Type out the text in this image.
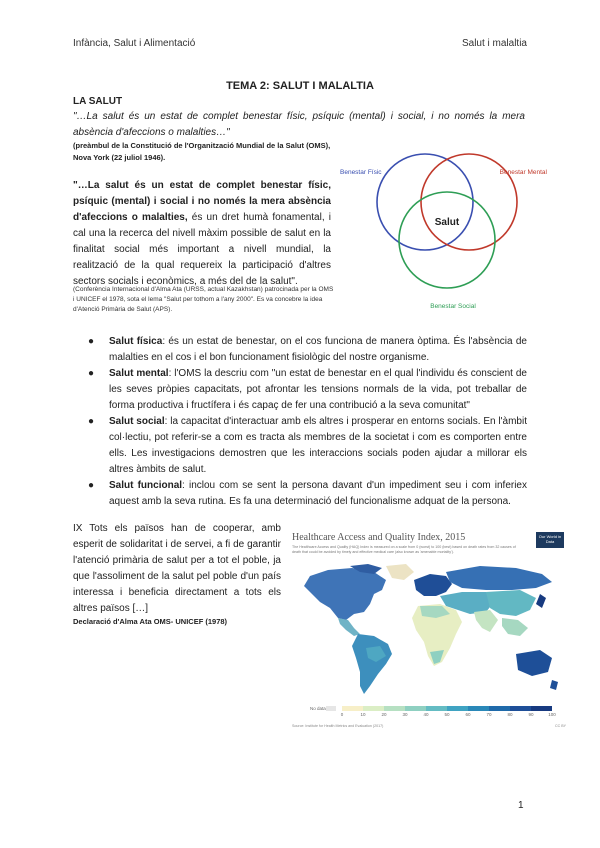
Infància, Salut i Alimentació	Salut i malaltia
TEMA 2: SALUT I MALALTIA
LA SALUT
"…La salut és un estat de complet benestar físic, psíquic (mental) i social, i no només la mera absència d'afeccions o malalties…"
(preàmbul de la Constitució de l'Organització Mundial de la Salut (OMS), Nova York (22 juliol 1946).
"…La salut és un estat de complet benestar físic, psíquic (mental) i social i no només la mera absència d'afeccions o malalties, és un dret humà fonamental, i cal una la recerca del nivell màxim possible de salut en la finalitat social més important a nivell mundial, la realització de la qual requereix la participació d'altres sectors socials i econòmics, a més del de la salut".
(Conferència Internacional d'Alma Ata (URSS, actual Kazakhstan) patrocinada per la OMS i UNICEF el 1978, sota el lema "Salut per tothom a l'any 2000". Es va concebre la idea d'Atenció Primària de Salut (APS).
Salut
Benestar Físic	Benestar Mental
Benestar Social
● Salut física: és un estat de benestar, on el cos funciona de manera òptima. És l'absència de malalties en el cos i el bon funcionament fisiològic del nostre organisme.
● Salut mental: l'OMS la descriu com "un estat de benestar en el qual l'individu és conscient de les seves pròpies capacitats, pot afrontar les tensions normals de la vida, pot treballar de forma productiva i fructífera i és capaç de fer una contribució a la seva comunitat"
● Salut social: la capacitat d'interactuar amb els altres i prosperar en entorns socials. En l'àmbit col·lectiu, pot referir-se a com es tracta als membres de la societat i com es comporten entre ells. Les investigacions demostren que les interaccions socials poden ajudar a millorar els altres àmbits de salut.
● Salut funcional: inclou com se sent la persona davant d'un impediment seu i com inferiex aquest amb la seva rutina. Es fa una determinació del funcionalisme adquat de la persona.
IX Tots els països han de cooperar, amb esperit de solidaritat i de servei, a fi de garantir l'atenció primària de salut per a tot el poble, ja que l'assoliment de la salut pel poble d'un país interessa i beneficia directament a tots els altres països […]
Declaració d'Alma Ata OMS- UNICEF (1978)
Healthcare Access and Quality Index, 2015
The Healthcare Access and Quality (HAQ) Index is measured on a scale from 0 (worst) to 100 (best) based on death rates from 32 causes of death that could be avoided by timely and effective medical care (also known as 'amenable mortality').
Our World in Data
No data
0	10	20	30	40	50	60	70	80	90	100
Source: Institute for Health Metrics and Evaluation (2017)	CC BY
1
